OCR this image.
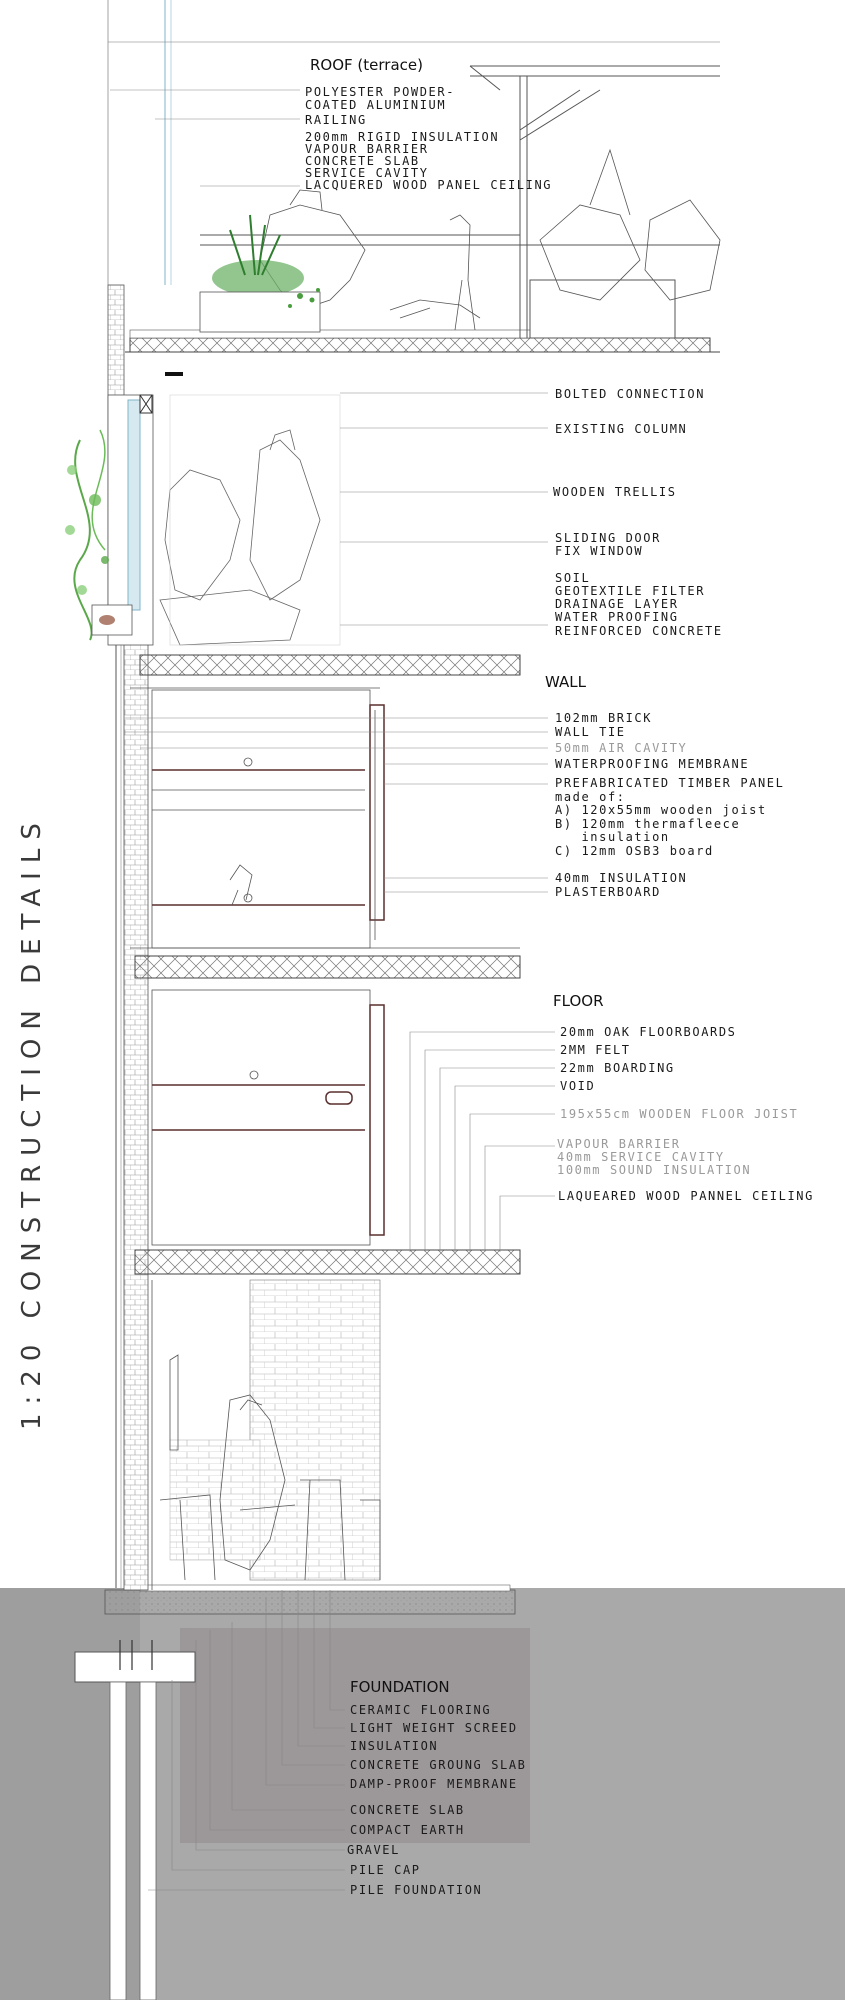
1:20 CONSTRUCTION DETAILS
ROOF (terrace)
POLYESTER POWDER-
COATED ALUMINIUM
RAILING
200mm RIGID INSULATION
VAPOUR BARRIER
CONCRETE SLAB
SERVICE CAVITY
LACQUERED WOOD PANEL CEILING
BOLTED CONNECTION
EXISTING COLUMN
WOODEN TRELLIS
SLIDING DOOR
FIX WINDOW
SOIL
GEOTEXTILE FILTER
DRAINAGE LAYER
WATER PROOFING
REINFORCED CONCRETE
WALL
102mm BRICK
WALL TIE
50mm AIR CAVITY
WATERPROOFING MEMBRANE
PREFABRICATED TIMBER PANEL
made of:
A) 120x55mm wooden joist
B) 120mm thermafleece
insulation
C) 12mm OSB3 board
40mm INSULATION
PLASTERBOARD
FLOOR
20mm OAK FLOORBOARDS
2MM FELT
22mm BOARDING
VOID
195x55cm WOODEN FLOOR JOIST
VAPOUR BARRIER
40mm SERVICE CAVITY
100mm SOUND INSULATION
LAQUEARED WOOD PANNEL CEILING
FOUNDATION
CERAMIC FLOORING
LIGHT WEIGHT SCREED
INSULATION
CONCRETE GROUNG SLAB
DAMP-PROOF MEMBRANE
CONCRETE SLAB
COMPACT EARTH
GRAVEL
PILE CAP
PILE FOUNDATION
